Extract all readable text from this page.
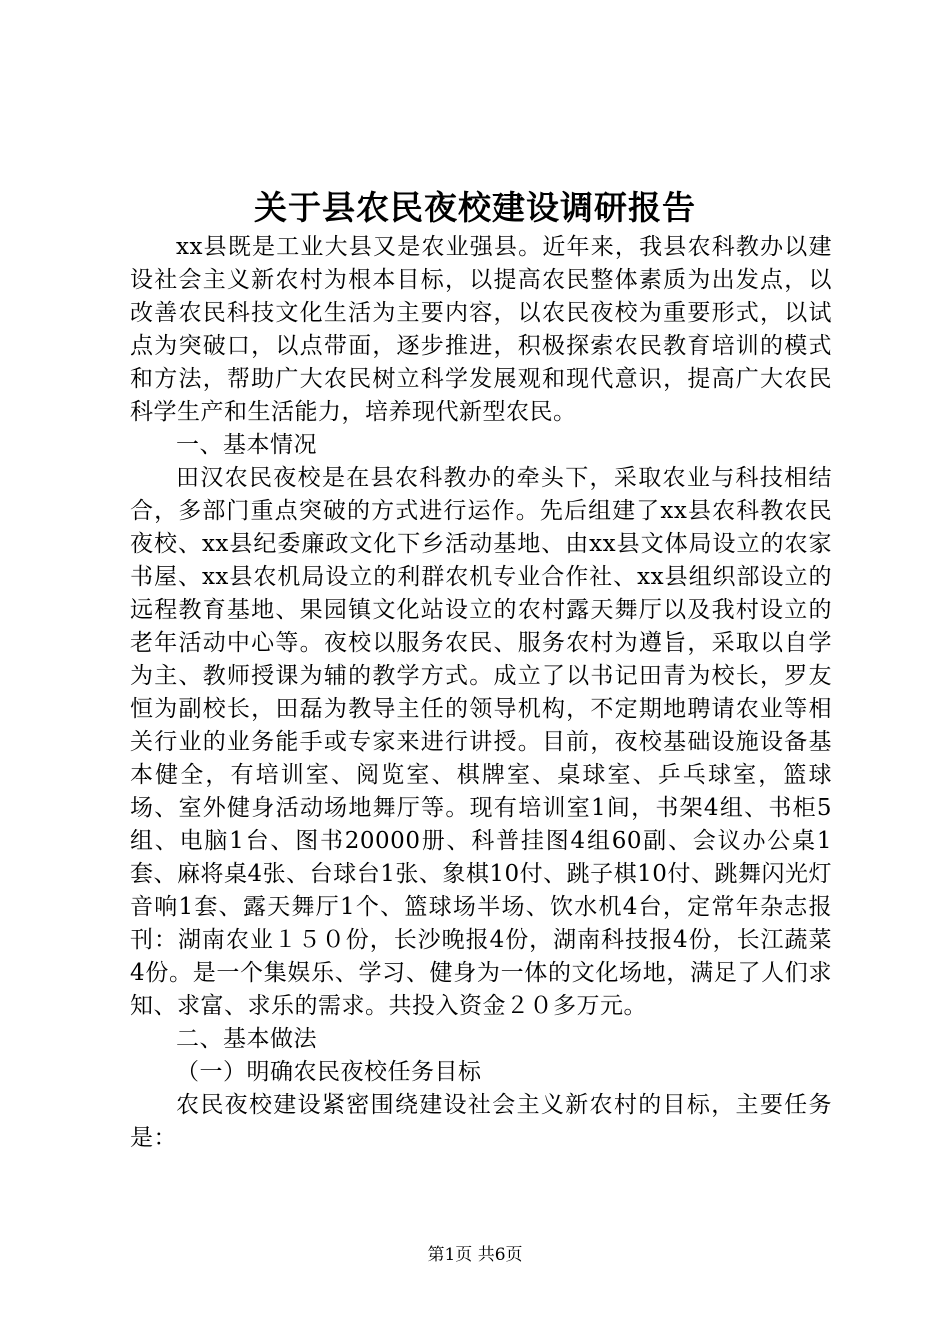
关于县农民夜校建设调研报告

xx县既是工业大县又是农业强县。近年来，我县农科教办以建设社会主义新农村为根本目标，以提高农民整体素质为出发点，以改善农民科技文化生活为主要内容，以农民夜校为重要形式，以试点为突破口，以点带面，逐步推进，积极探索农民教育培训的模式和方法，帮助广大农民树立科学发展观和现代意识，提高广大农民科学生产和生活能力，培养现代新型农民。

一、基本情况

田汉农民夜校是在县农科教办的牵头下，采取农业与科技相结合，多部门重点突破的方式进行运作。先后组建了xx县农科教农民夜校、xx县纪委廉政文化下乡活动基地、由xx县文体局设立的农家书屋、xx县农机局设立的利群农机专业合作社、xx县组织部设立的远程教育基地、果园镇文化站设立的农村露天舞厅以及我村设立的老年活动中心等。夜校以服务农民、服务农村为遵旨，采取以自学为主、教师授课为辅的教学方式。成立了以书记田青为校长，罗友恒为副校长，田磊为教导主任的领导机构，不定期地聘请农业等相关行业的业务能手或专家来进行讲授。目前，夜校基础设施设备基本健全，有培训室、阅览室、棋牌室、桌球室、乒乓球室，篮球场、室外健身活动场地舞厅等。现有培训室1间，书架4组、书柜5组、电脑1台、图书20000册、科普挂图4组60副、会议办公桌1套、麻将桌4张、台球台1张、象棋10付、跳子棋10付、跳舞闪光灯音响1套、露天舞厅1个、篮球场半场、饮水机4台，定常年杂志报刊：湖南农业１５０份，长沙晚报4份，湖南科技报4份，长江蔬菜4份。是一个集娱乐、学习、健身为一体的文化场地，满足了人们求知、求富、求乐的需求。共投入资金２０多万元。

二、基本做法

（一）明确农民夜校任务目标

农民夜校建设紧密围绕建设社会主义新农村的目标，主要任务是：

第1页 共6页
